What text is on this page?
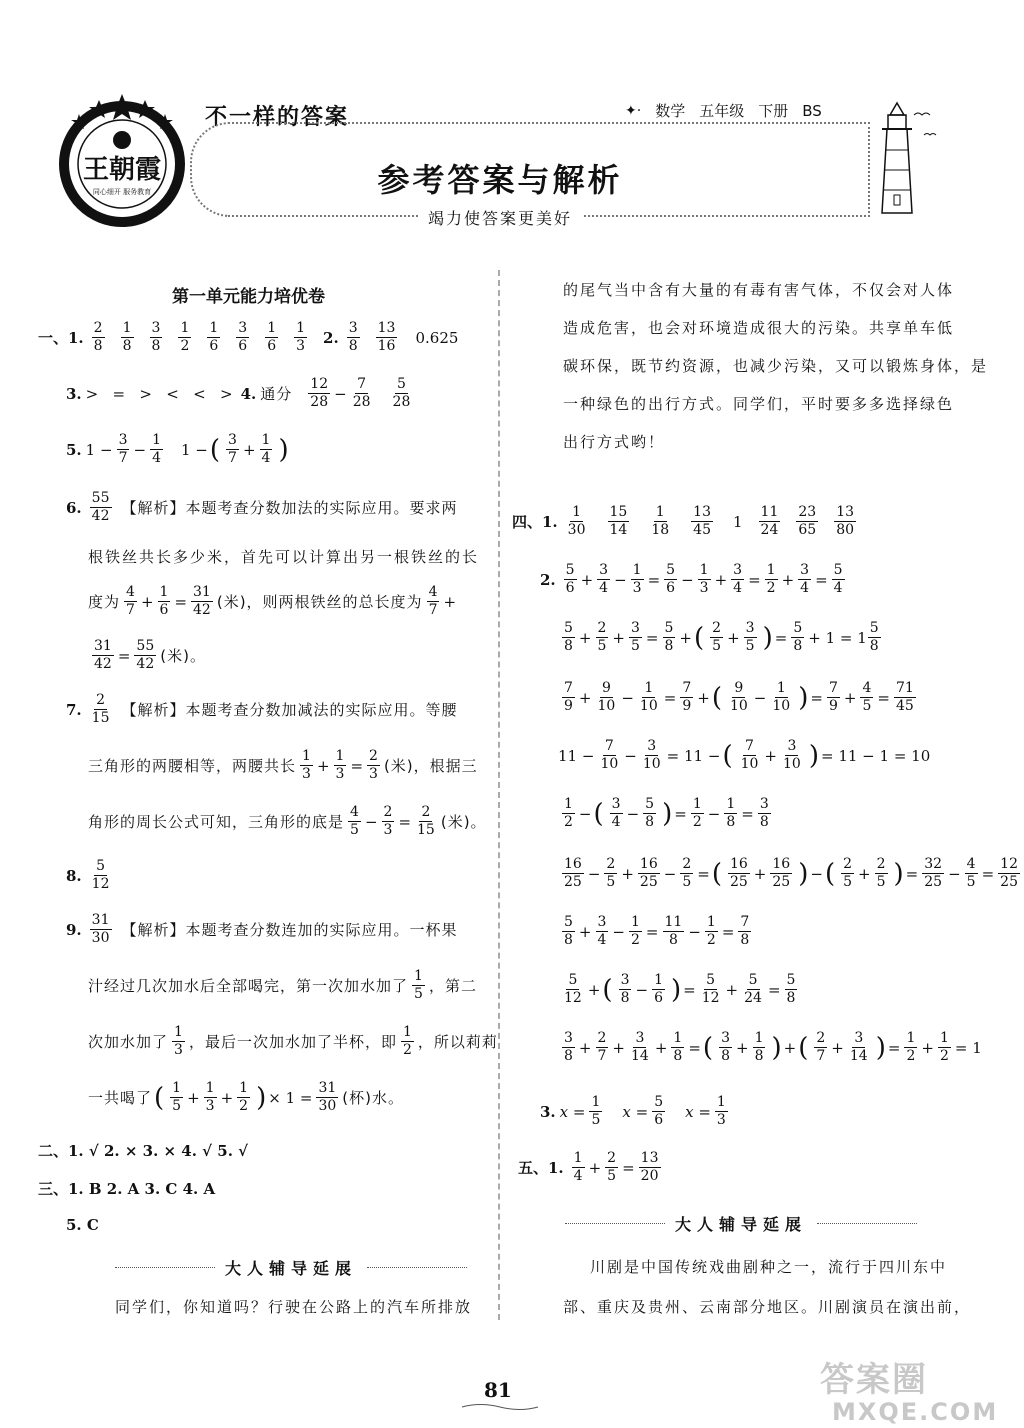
王朝霞
同心细开 服务教育
不一样的答案	✦· 数学 五年级 下册 BS
参考答案与解析
竭力使答案更美好
第一单元能力培优卷
一、1. $\frac{2}{8} \frac{1}{8} \frac{3}{8} \frac{1}{2} \frac{1}{6} \frac{3}{6} \frac{1}{6} \frac{1}{3} 2$. $\frac{3}{8} \frac{13}{16} 0.625$
3. >   =   >   <   <   > 4. 通分 $\frac{12}{28} - \frac{7}{28} \frac{5}{28}$
5. $1 - \frac{3}{7} - \frac{1}{4} 1$ − ( $\frac{3}{7} + \frac{1}{4}$ )
6. $\frac{55}{42}$ 【解析】本题考查分数加法的实际应用。要求两
根铁丝共长多少米，首先可以计算出另一根铁丝的长
度为 $\frac{4}{7} + \frac{1}{6} = \frac{31}{42}$ (米)，则两根铁丝的总长度为 $\frac{4}{7}$ +
$\frac{31}{42} = \frac{55}{42}$ (米)。
7. $\frac{2}{15}$ 【解析】本题考查分数加减法的实际应用。等腰
三角形的两腰相等，两腰共长 $\frac{1}{3} + \frac{1}{3} = \frac{2}{3}$ (米)，根据三
角形的周长公式可知，三角形的底是 $\frac{4}{5} - \frac{2}{3} = \frac{2}{15}$ (米)。
8. $\frac{5}{12}$
9. $\frac{31}{30}$ 【解析】本题考查分数连加的实际应用。一杯果
汁经过几次加水后全部喝完，第一次加水加了 $\frac{1}{5}$ ，第二
次加水加了 $\frac{1}{3}$ ，最后一次加水加了半杯，即 $\frac{1}{2}$ ，所以莉莉
一共喝了 ( $\frac{1}{5} + \frac{1}{3} + \frac{1}{2}$ ) × $1 = \frac{31}{30}$ (杯)水。
二、1. √ 2. × 3. × 4. √ 5. √
三、1. B 2. A 3. C 4. A
5. C
大人辅导延展
同学们，你知道吗？行驶在公路上的汽车所排放
的尾气当中含有大量的有毒有害气体，不仅会对人体
造成危害，也会对环境造成很大的污染。共享单车低
碳环保，既节约资源，也减少污染，又可以锻炼身体，是
一种绿色的出行方式。同学们，平时要多多选择绿色
出行方式哟！
四、1. $\frac{1}{30} \frac{15}{14} \frac{1}{18} \frac{13}{45} 1 \frac{11}{24} \frac{23}{65} \frac{13}{80}$
2. $\frac{5}{6} + \frac{3}{4} - \frac{1}{3} = \frac{5}{6} - \frac{1}{3} + \frac{3}{4} = \frac{1}{2} + \frac{3}{4} = \frac{5}{4}$
$\frac{5}{8} + \frac{2}{5} + \frac{3}{5} = \frac{5}{8}$ + ( $\frac{2}{5} + \frac{3}{5}$ ) = $\frac{5}{8} + 1 = 1 \frac{5}{8}$
$\frac{7}{9} + \frac{9}{10} - \frac{1}{10} = \frac{7}{9}$ + ( $\frac{9}{10} - \frac{1}{10}$ ) = $\frac{7}{9} + \frac{4}{5} = \frac{71}{45}$
$11 - \frac{7}{10} - \frac{3}{10} = 11$ − ( $\frac{7}{10} + \frac{3}{10}$ ) = 11 − 1 = 10
$\frac{1}{2}$ − ( $\frac{3}{4} - \frac{5}{8}$ ) = $\frac{1}{2} - \frac{1}{8} = \frac{3}{8}$
$\frac{16}{25} - \frac{2}{5} + \frac{16}{25} - \frac{2}{5}$ = ( $\frac{16}{25} + \frac{16}{25}$ ) − ( $\frac{2}{5} + \frac{2}{5}$ ) = $\frac{32}{25} - \frac{4}{5} = \frac{12}{25}$
$\frac{5}{8} + \frac{3}{4} - \frac{1}{2} = \frac{11}{8} - \frac{1}{2} = \frac{7}{8}$
$\frac{5}{12}$ + ( $\frac{3}{8} - \frac{1}{6}$ ) = $\frac{5}{12} + \frac{5}{24} = \frac{5}{8}$
$\frac{3}{8} + \frac{2}{7} + \frac{3}{14} + \frac{1}{8}$ = ( $\frac{3}{8} + \frac{1}{8}$ ) + ( $\frac{2}{7} + \frac{3}{14}$ ) = $\frac{1}{2} + \frac{1}{2} = 1$
3. $x = \frac{1}{5}$ $x = \frac{5}{6}$ $x = \frac{1}{3}$
五、1. $\frac{1}{4} + \frac{2}{5} = \frac{13}{20}$
大人辅导延展
川剧是中国传统戏曲剧种之一，流行于四川东中
部、重庆及贵州、云南部分地区。川剧演员在演出前，
81	答案圈
MXQE.COM
